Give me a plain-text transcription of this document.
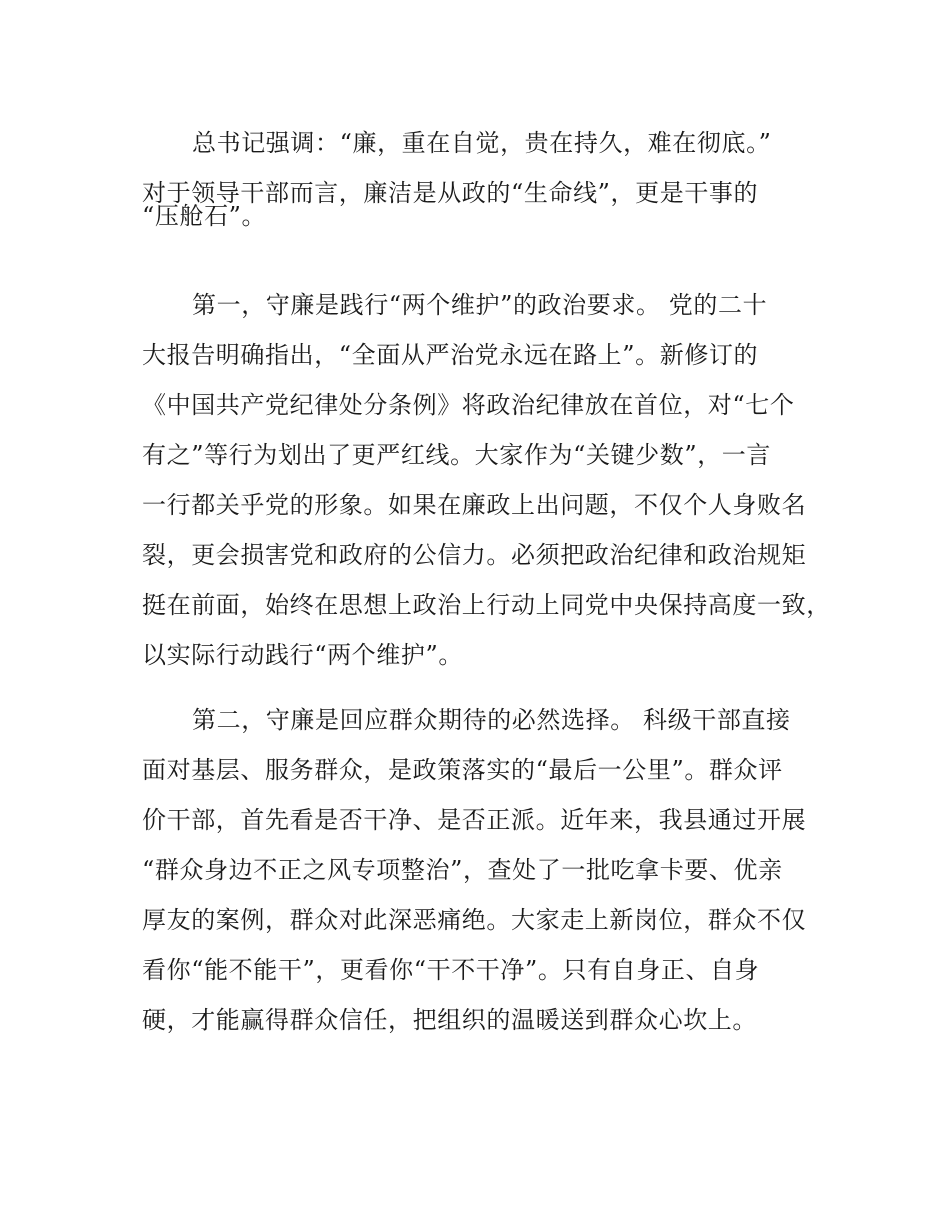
总书记强调：“廉，重在自觉，贵在持久，难在彻底。”

对于领导干部而言，廉洁是从政的“生命线”，更是干事的

“压舱石”。

第一，守廉是践行“两个维护”的政治要求。 党的二十

大报告明确指出，“全面从严治党永远在路上”。新修订的

《中国共产党纪律处分条例》将政治纪律放在首位，对“七个

有之”等行为划出了更严红线。大家作为“关键少数”，一言

一行都关乎党的形象。如果在廉政上出问题，不仅个人身败名

裂，更会损害党和政府的公信力。必须把政治纪律和政治规矩

挺在前面，始终在思想上政治上行动上同党中央保持高度一致，

以实际行动践行“两个维护”。

第二，守廉是回应群众期待的必然选择。 科级干部直接

面对基层、服务群众，是政策落实的“最后一公里”。群众评

价干部，首先看是否干净、是否正派。近年来，我县通过开展

“群众身边不正之风专项整治”，查处了一批吃拿卡要、优亲

厚友的案例，群众对此深恶痛绝。大家走上新岗位，群众不仅

看你“能不能干”，更看你“干不干净”。只有自身正、自身

硬，才能赢得群众信任，把组织的温暖送到群众心坎上。
